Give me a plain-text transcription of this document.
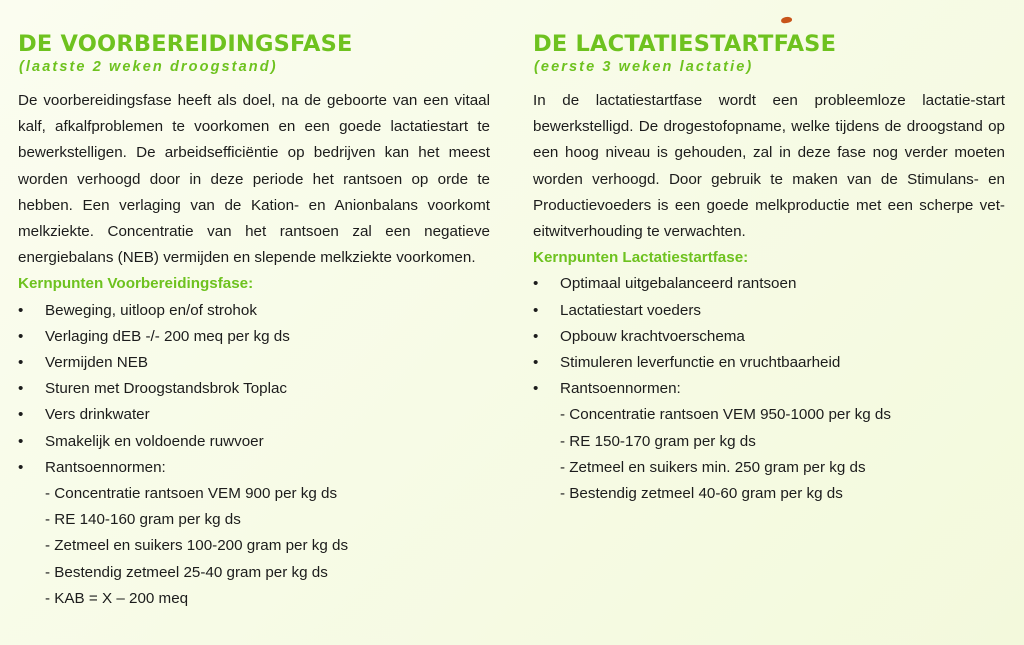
DE VOORBEREIDINGSFASE
(laatste 2 weken droogstand)

De voorbereidingsfase heeft als doel, na de geboorte van een vitaal kalf, afkalfproblemen te voorkomen en een goede lactatiestart te bewerkstelligen. De arbeidsefficiëntie op bedrijven kan het meest worden verhoogd door in deze periode het rantsoen op orde te hebben. Een verlaging van de Kation- en Anionbalans voorkomt melkziekte. Concentratie van het rantsoen zal een negatieve energiebalans (NEB) vermijden en slepende melkziekte voorkomen.

Kernpunten Voorbereidingsfase:
• Beweging, uitloop en/of strohok
• Verlaging dEB -/- 200 meq per kg ds
• Vermijden NEB
• Sturen met Droogstandsbrok Toplac
• Vers drinkwater
• Smakelijk en voldoende ruwvoer
• Rantsoennormen:
- Concentratie rantsoen VEM 900 per kg ds
- RE 140-160 gram per kg ds
- Zetmeel en suikers 100-200 gram per kg ds
- Bestendig zetmeel 25-40 gram per kg ds
- KAB = X – 200 meq
DE LACTATIESTARTFASE
(eerste 3 weken lactatie)

In de lactatiestartfase wordt een probleemloze lactatie-start bewerkstelligd. De drogestofopname, welke tijdens de droogstand op een hoog niveau is gehouden, zal in deze fase nog verder moeten worden verhoogd. Door gebruik te maken van de Stimulans- en Productievoeders is een goede melkproductie met een scherpe vet-eitwitverhouding te verwachten.

Kernpunten Lactatiestartfase:
• Optimaal uitgebalanceerd rantsoen
• Lactatiestart voeders
• Opbouw krachtvoerschema
• Stimuleren leverfunctie en vruchtbaarheid
• Rantsoennormen:
- Concentratie rantsoen VEM 950-1000 per kg ds
- RE 150-170 gram per kg ds
- Zetmeel en suikers min. 250 gram per kg ds
- Bestendig zetmeel 40-60 gram per kg ds
